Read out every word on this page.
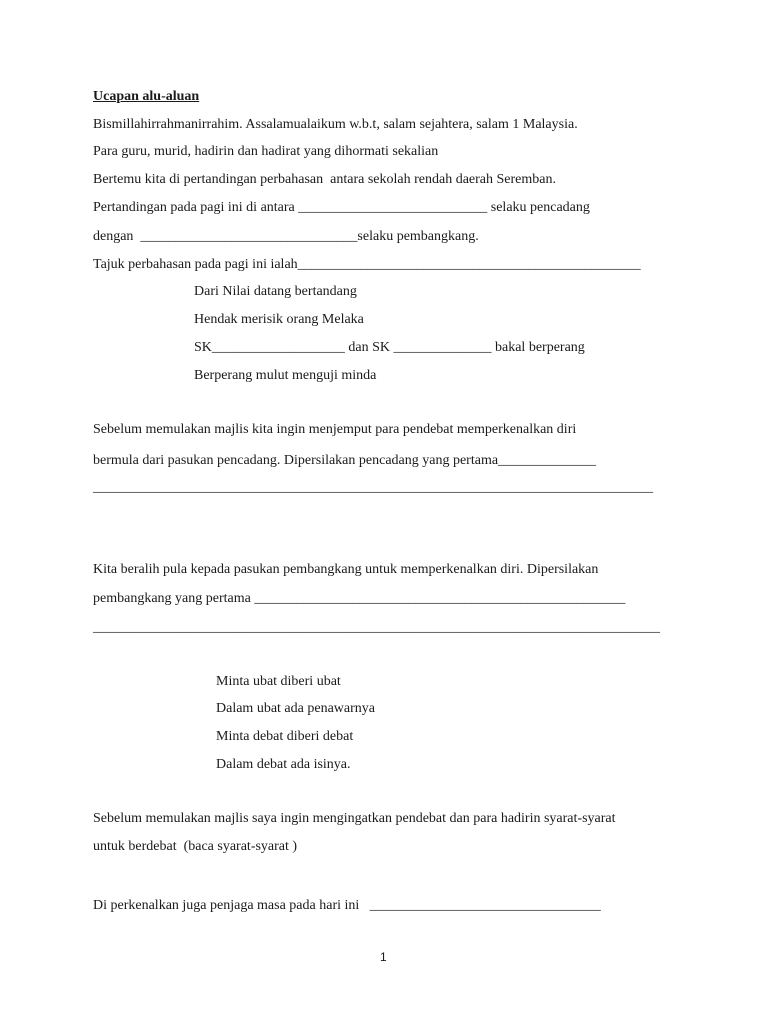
Ucapan alu-aluan
Bismillahirrahmanirrahim. Assalamualaikum w.b.t, salam sejahtera, salam 1 Malaysia.
Para guru, murid, hadirin dan hadirat yang dihormati sekalian
Bertemu kita di pertandingan perbahasan  antara sekolah rendah daerah Seremban.
Pertandingan pada pagi ini di antara ___________________________ selaku pencadang
dengan  _______________________________selaku pembangkang.
Tajuk perbahasan pada pagi ini ialah_________________________________________________
Dari Nilai datang bertandang
Hendak merisik orang Melaka
SK___________________ dan SK ______________ bakal berperang
Berperang mulut menguji minda
Sebelum memulakan majlis kita ingin menjemput para pendebat memperkenalkan diri
bermula dari pasukan pencadang. Dipersilakan pencadang yang pertama______________
________________________________________________________________________________
Kita beralih pula kepada pasukan pembangkang untuk memperkenalkan diri. Dipersilakan
pembangkang yang pertama _____________________________________________________
_________________________________________________________________________________
Minta ubat diberi ubat
Dalam ubat ada penawarnya
Minta debat diberi debat
Dalam debat ada isinya.
Sebelum memulakan majlis saya ingin mengingatkan pendebat dan para hadirin syarat-syarat
untuk berdebat  (baca syarat-syarat )
Di perkenalkan juga penjaga masa pada hari ini   _________________________________
1
